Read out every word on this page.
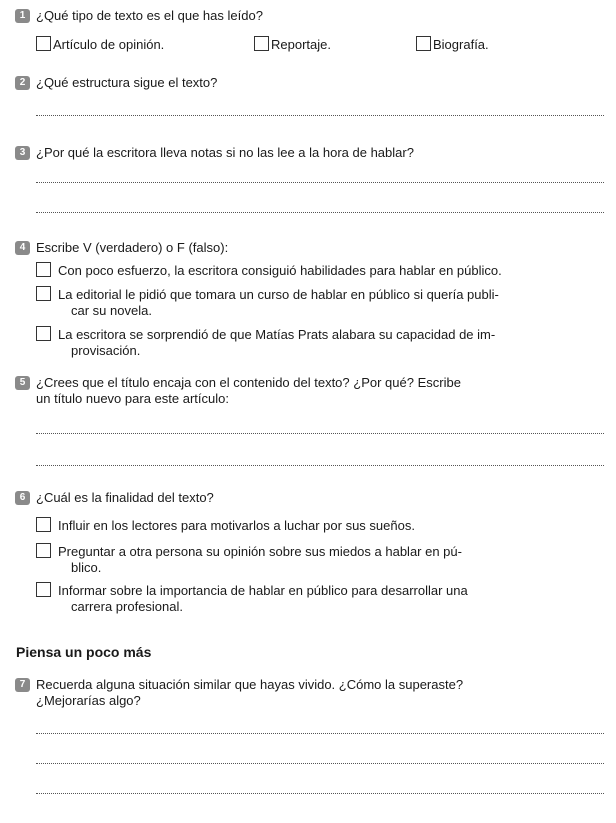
1 ¿Qué tipo de texto es el que has leído?
Artículo de opinión.	Reportaje.	Biografía.
2 ¿Qué estructura sigue el texto?
3 ¿Por qué la escritora lleva notas si no las lee a la hora de hablar?
4 Escribe V (verdadero) o F (falso):
Con poco esfuerzo, la escritora consiguió habilidades para hablar en público.
La editorial le pidió que tomara un curso de hablar en público si quería publi-
car su novela.
La escritora se sorprendió de que Matías Prats alabara su capacidad de im-
provisación.
5 ¿Crees que el título encaja con el contenido del texto? ¿Por qué? Escribe
un título nuevo para este artículo:
6 ¿Cuál es la finalidad del texto?
Influir en los lectores para motivarlos a luchar por sus sueños.
Preguntar a otra persona su opinión sobre sus miedos a hablar en pú-
blico.
Informar sobre la importancia de hablar en público para desarrollar una
carrera profesional.
Piensa un poco más
7 Recuerda alguna situación similar que hayas vivido. ¿Cómo la superaste?
¿Mejorarías algo?
